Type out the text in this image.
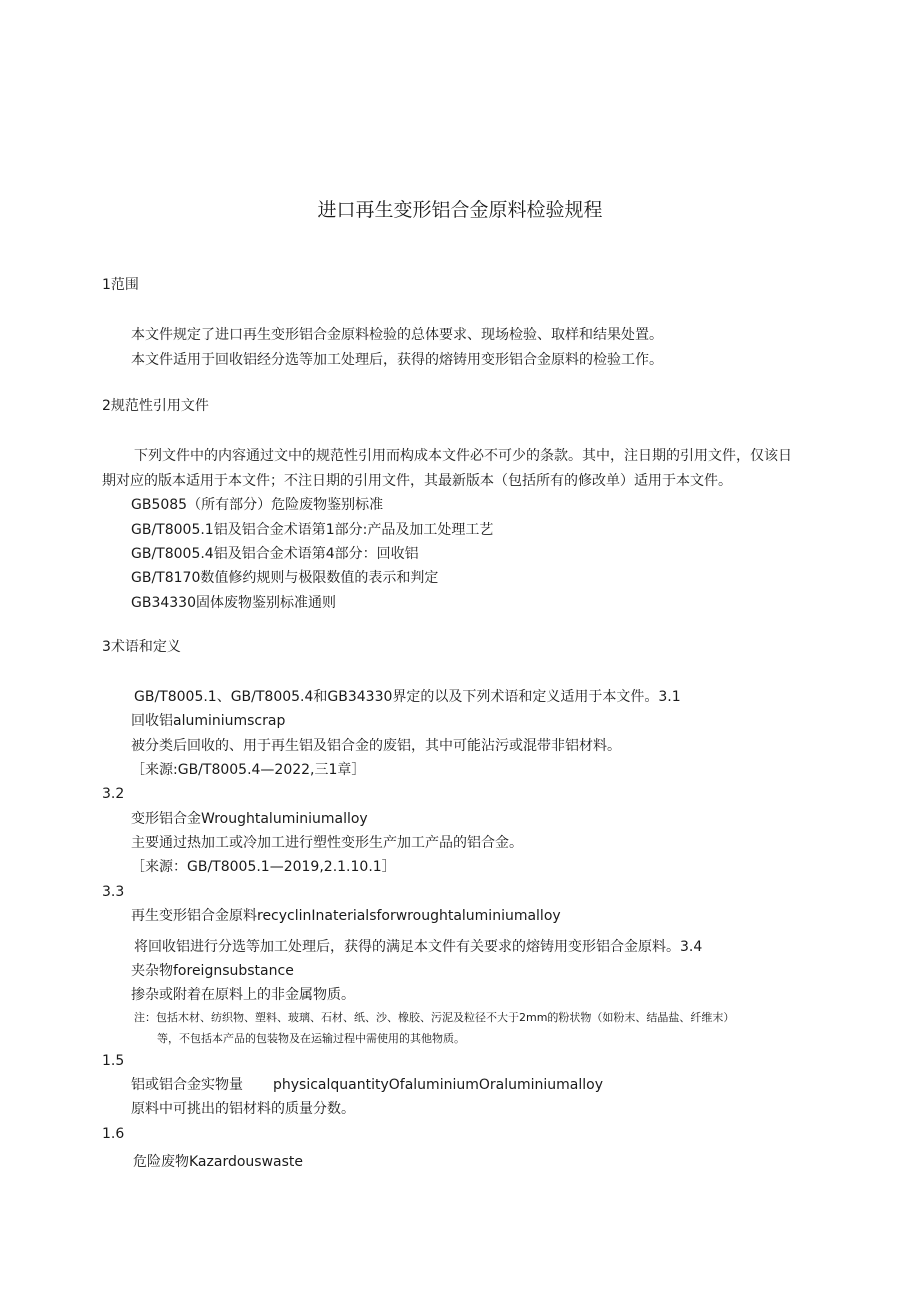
进口再生变形铝合金原料检验规程

1范围

本文件规定了进口再生变形铝合金原料检验的总体要求、现场检验、取样和结果处置。

本文件适用于回收铝经分选等加工处理后，获得的熔铸用变形铝合金原料的检验工作。

2规范性引用文件

下列文件中的内容通过文中的规范性引用而构成本文件必不可少的条款。其中，注日期的引用文件，仅该日

期对应的版本适用于本文件；不注日期的引用文件，其最新版本（包括所有的修改单）适用于本文件。

GB5085（所有部分）危险废物鉴别标准

GB/T8005.1铝及铝合金术语第1部分:产品及加工处理工艺

GB/T8005.4铝及铝合金术语第4部分：回收铝

GB/T8170数值修约规则与极限数值的表示和判定

GB34330固体废物鉴别标准通则

3术语和定义

GB/T8005.1、GB/T8005.4和GB34330界定的以及下列术语和定义适用于本文件。3.1

回收铝aluminiumscrap

被分类后回收的、用于再生铝及铝合金的废铝，其中可能沾污或混带非铝材料。

［来源:GB/T8005.4—2022,三1章］

3.2

变形铝合金Wroughtaluminiumalloy

主要通过热加工或冷加工进行塑性变形生产加工产品的铝合金。

［来源：GB/T8005.1—2019,2.1.10.1］

3.3

再生变形铝合金原料recyclinInaterialsforwroughtaluminiumalloy

将回收铝进行分选等加工处理后，获得的满足本文件有关要求的熔铸用变形铝合金原料。3.4

夹杂物foreignsubstance

掺杂或附着在原料上的非金属物质。

注：包括木材、纺织物、塑料、玻璃、石材、纸、沙、橡胶、污泥及粒径不大于2mm的粉状物（如粉末、结晶盐、纤维末）

等，不包括本产品的包装物及在运输过程中需使用的其他物质。

1.5

铝或铝合金实物量 physicalquantityOfaluminiumOraluminiumalloy

原料中可挑出的铝材料的质量分数。

1.6

危险废物Kazardouswaste
